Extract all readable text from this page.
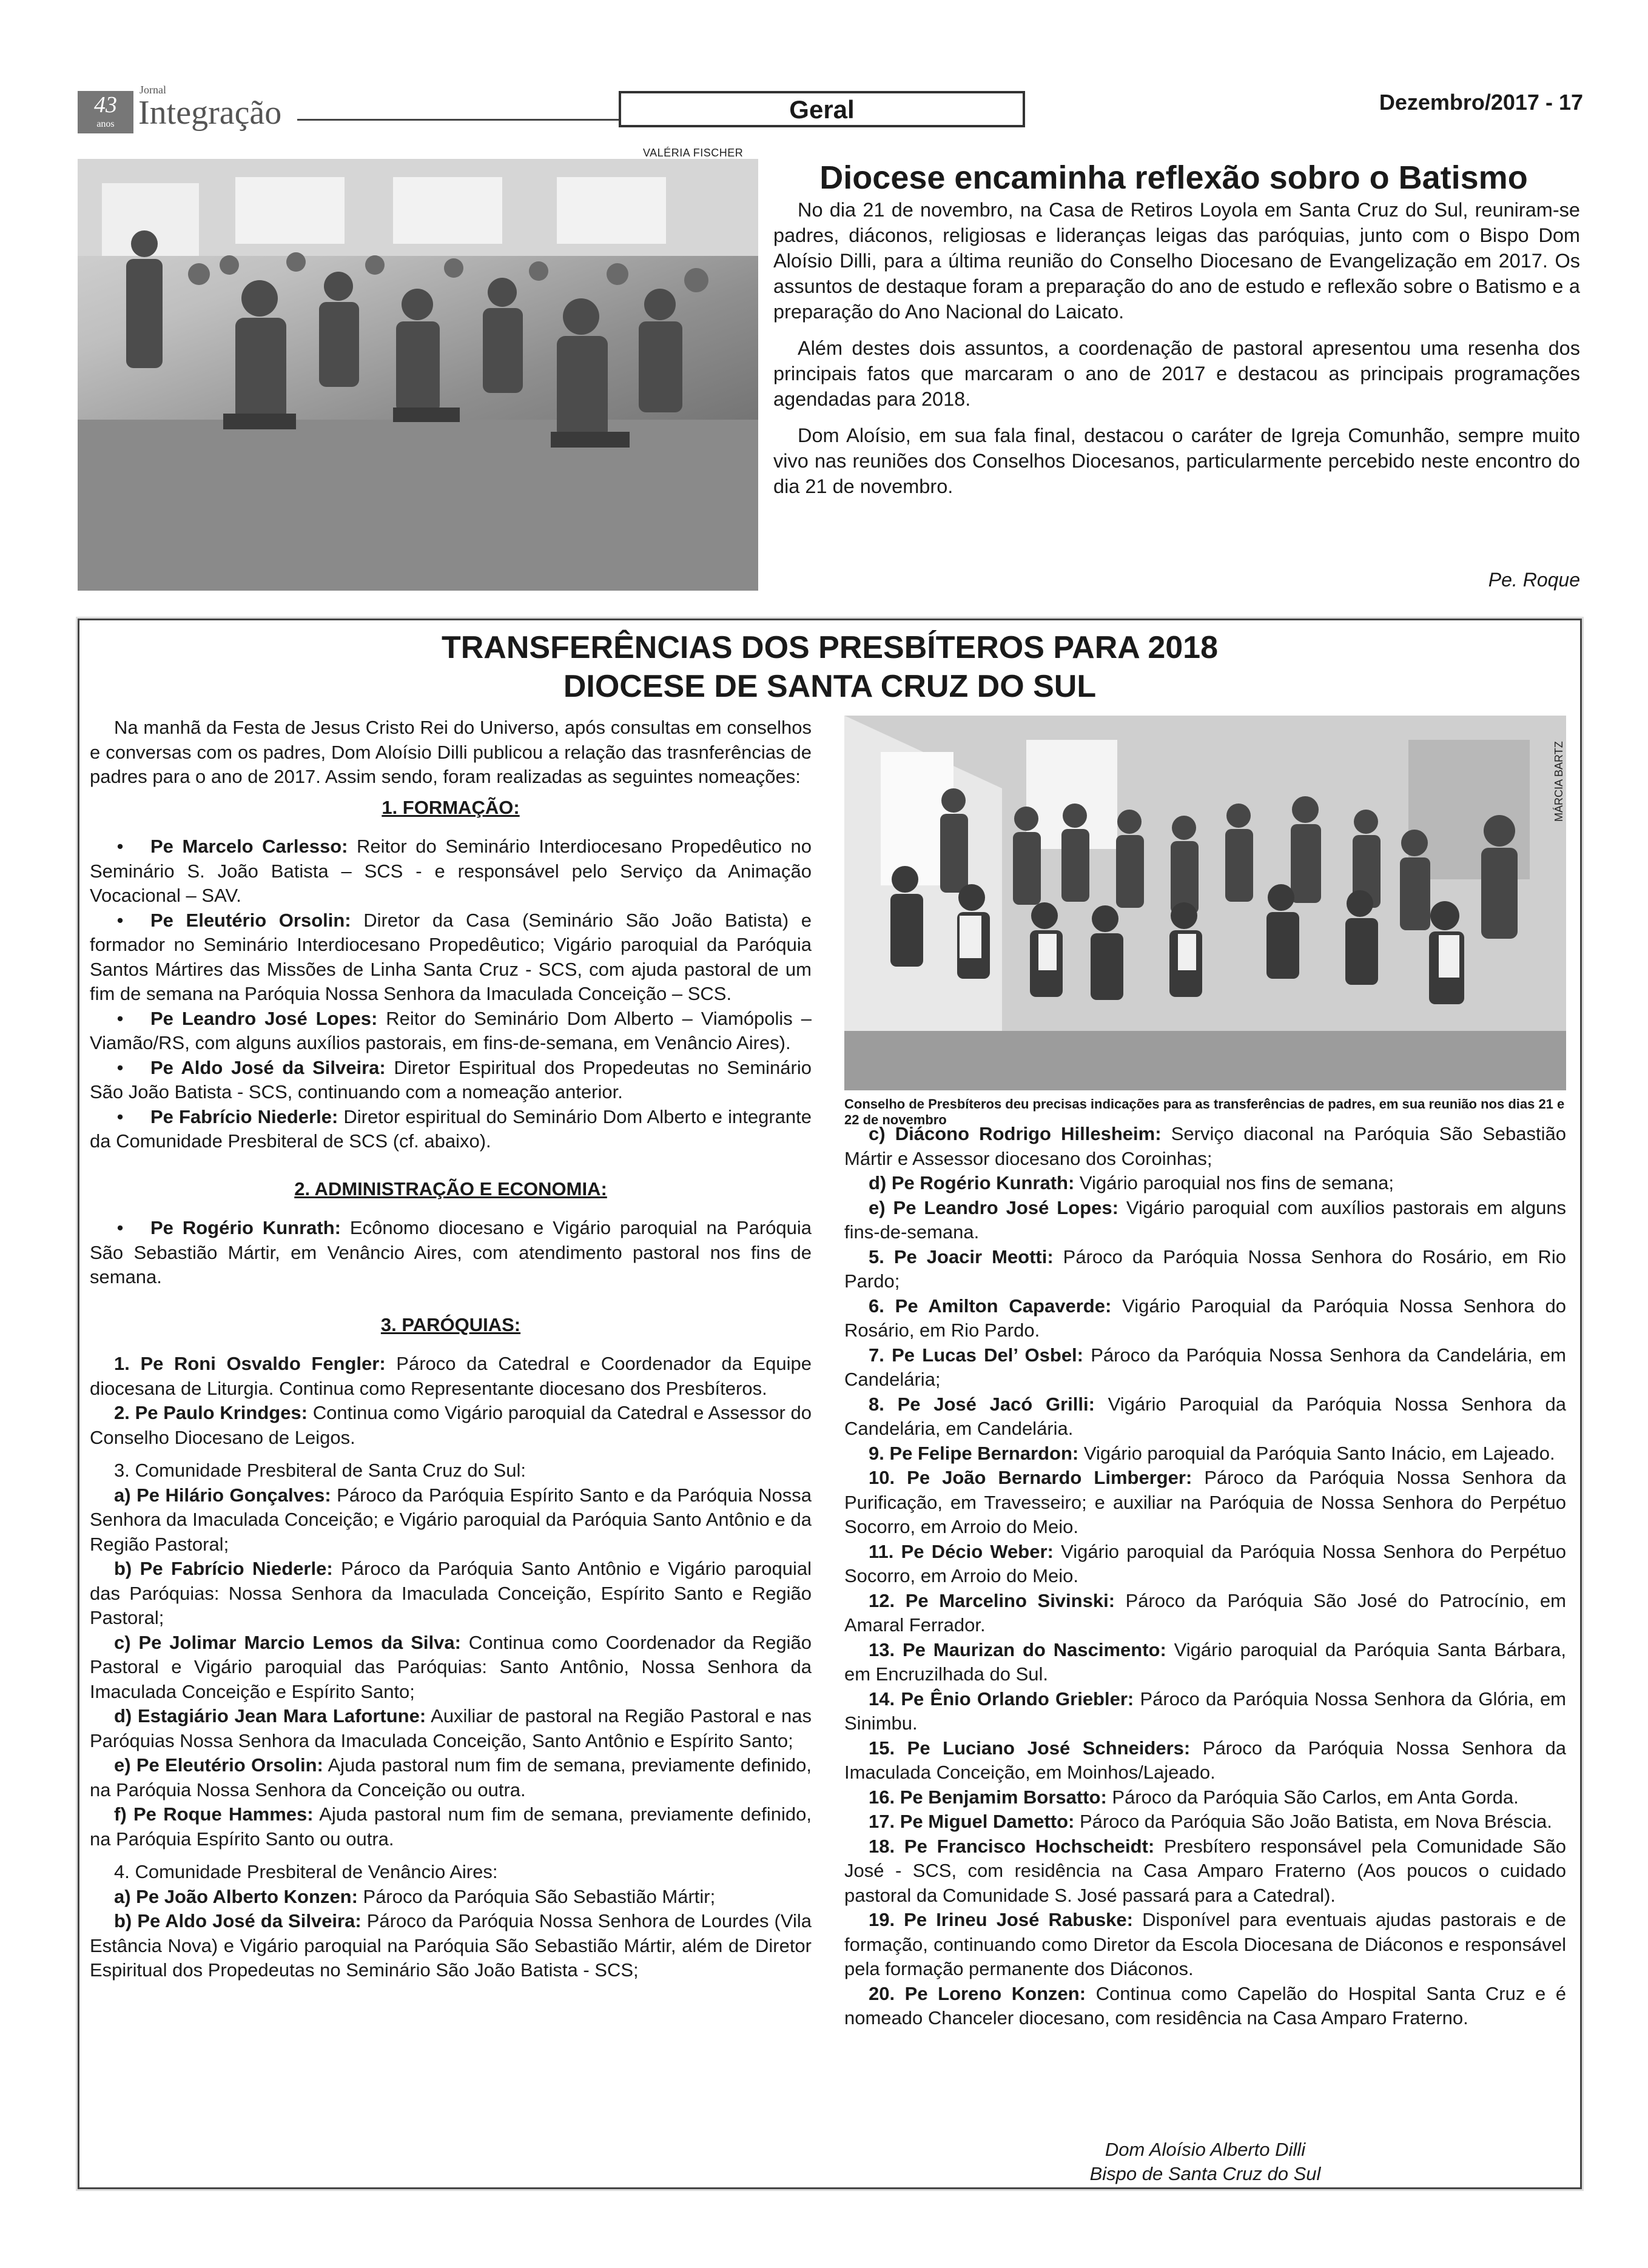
43
anos
Jornal
Integração	Geral	Dezembro/2017 - 17
VALÉRIA FISCHER
Diocese encaminha reflexão sobro o Batismo

No dia 21 de novembro, na Casa de Retiros Loyola em Santa Cruz do Sul, reuniram-se padres, diáconos, religiosas e lideranças leigas das paróquias, junto com o Bispo Dom Aloísio Dilli, para a última reunião do Conselho Diocesano de Evangelização em 2017. Os assuntos de destaque foram a preparação do ano de estudo e reflexão sobre o Batismo e a preparação do Ano Nacional do Laicato.

Além destes dois assuntos, a coordenação de pastoral apresentou uma resenha dos principais fatos que marcaram o ano de 2017 e destacou as principais programações agendadas para 2018.

Dom Aloísio, em sua fala final, destacou o caráter de Igreja Comunhão, sempre muito vivo nas reuniões dos Conselhos Diocesanos, particularmente percebido neste encontro do dia 21 de novembro.

Pe. Roque
TRANSFERÊNCIAS DOS PRESBÍTEROS PARA 2018
DIOCESE DE SANTA CRUZ DO SUL

Na manhã da Festa de Jesus Cristo Rei do Universo, após consultas em conselhos e conversas com os padres, Dom Aloísio Dilli publicou a relação das trasnferências de padres para o ano de 2017. Assim sendo, foram realizadas as seguintes nomeações:

1. FORMAÇÃO:

• Pe Marcelo Carlesso: Reitor do Seminário Interdiocesano Propedêutico no Seminário S. João Batista – SCS - e responsável pelo Serviço da Animação Vocacional – SAV.

• Pe Eleutério Orsolin: Diretor da Casa (Seminário São João Batista) e formador no Seminário Interdiocesano Propedêutico; Vigário paroquial da Paróquia Santos Mártires das Missões de Linha Santa Cruz - SCS, com ajuda pastoral de um fim de semana na Paróquia Nossa Senhora da Imaculada Conceição – SCS.

• Pe Leandro José Lopes: Reitor do Seminário Dom Alberto – Viamópolis – Viamão/RS, com alguns auxílios pastorais, em fins-de-semana, em Venâncio Aires).

• Pe Aldo José da Silveira: Diretor Espiritual dos Propedeutas no Seminário São João Batista - SCS, continuando com a nomeação anterior.

• Pe Fabrício Niederle: Diretor espiritual do Seminário Dom Alberto e integrante da Comunidade Presbiteral de SCS (cf. abaixo).

2. ADMINISTRAÇÃO E ECONOMIA:

• Pe Rogério Kunrath: Ecônomo diocesano e Vigário paroquial na Paróquia São Sebastião Mártir, em Venâncio Aires, com atendimento pastoral nos fins de semana.

3. PARÓQUIAS:

1. Pe Roni Osvaldo Fengler: Pároco da Catedral e Coordenador da Equipe diocesana de Liturgia. Continua como Representante diocesano dos Presbíteros.

2. Pe Paulo Krindges: Continua como Vigário paroquial da Catedral e Assessor do Conselho Diocesano de Leigos.

3. Comunidade Presbiteral de Santa Cruz do Sul:

a) Pe Hilário Gonçalves: Pároco da Paróquia Espírito Santo e da Paróquia Nossa Senhora da Imaculada Conceição; e Vigário paroquial da Paróquia Santo Antônio e da Região Pastoral;

b) Pe Fabrício Niederle: Pároco da Paróquia Santo Antônio e Vigário paroquial das Paróquias: Nossa Senhora da Imaculada Conceição, Espírito Santo e Região Pastoral;

c) Pe Jolimar Marcio Lemos da Silva: Continua como Coordenador da Região Pastoral e Vigário paroquial das Paróquias: Santo Antônio, Nossa Senhora da Imaculada Conceição e Espírito Santo;

d) Estagiário Jean Mara Lafortune: Auxiliar de pastoral na Região Pastoral e nas Paróquias Nossa Senhora da Imaculada Conceição, Santo Antônio e Espírito Santo;

e) Pe Eleutério Orsolin: Ajuda pastoral num fim de semana, previamente definido, na Paróquia Nossa Senhora da Conceição ou outra.

f) Pe Roque Hammes: Ajuda pastoral num fim de semana, previamente definido, na Paróquia Espírito Santo ou outra.

4. Comunidade Presbiteral de Venâncio Aires:

a) Pe João Alberto Konzen: Pároco da Paróquia São Sebastião Mártir;

b) Pe Aldo José da Silveira: Pároco da Paróquia Nossa Senhora de Lourdes (Vila Estância Nova) e Vigário paroquial na Paróquia São Sebastião Mártir, além de Diretor Espiritual dos Propedeutas no Seminário São João Batista - SCS;

MÁRCIA BARTZ
Conselho de Presbíteros deu precisas indicações para as transferências de padres, em sua reunião nos dias 21 e 22 de novembro

c) Diácono Rodrigo Hillesheim: Serviço diaconal na Paróquia São Sebastião Mártir e Assessor diocesano dos Coroinhas;

d) Pe Rogério Kunrath: Vigário paroquial nos fins de semana;

e) Pe Leandro José Lopes: Vigário paroquial com auxílios pastorais em alguns fins-de-semana.

5. Pe Joacir Meotti: Pároco da Paróquia Nossa Senhora do Rosário, em Rio Pardo;

6. Pe Amilton Capaverde: Vigário Paroquial da Paróquia Nossa Senhora do Rosário, em Rio Pardo.

7. Pe Lucas Del’ Osbel: Pároco da Paróquia Nossa Senhora da Candelária, em Candelária;

8. Pe José Jacó Grilli: Vigário Paroquial da Paróquia Nossa Senhora da Candelária, em Candelária.

9. Pe Felipe Bernardon: Vigário paroquial da Paróquia Santo Inácio, em Lajeado.

10. Pe João Bernardo Limberger: Pároco da Paróquia Nossa Senhora da Purificação, em Travesseiro; e auxiliar na Paróquia de Nossa Senhora do Perpétuo Socorro, em Arroio do Meio.

11. Pe Décio Weber: Vigário paroquial da Paróquia Nossa Senhora do Perpétuo Socorro, em Arroio do Meio.

12. Pe Marcelino Sivinski: Pároco da Paróquia São José do Patrocínio, em Amaral Ferrador.

13. Pe Maurizan do Nascimento: Vigário paroquial da Paróquia Santa Bárbara, em Encruzilhada do Sul.

14. Pe Ênio Orlando Griebler: Pároco da Paróquia Nossa Senhora da Glória, em Sinimbu.

15. Pe Luciano José Schneiders: Pároco da Paróquia Nossa Senhora da Imaculada Conceição, em Moinhos/Lajeado.

16. Pe Benjamim Borsatto: Pároco da Paróquia São Carlos, em Anta Gorda.

17. Pe Miguel Dametto: Pároco da Paróquia São João Batista, em Nova Bréscia.

18. Pe Francisco Hochscheidt: Presbítero responsável pela Comunidade São José - SCS, com residência na Casa Amparo Fraterno (Aos poucos o cuidado pastoral da Comunidade S. José passará para a Catedral).

19. Pe Irineu José Rabuske: Disponível para eventuais ajudas pastorais e de formação, continuando como Diretor da Escola Diocesana de Diáconos e responsável pela formação permanente dos Diáconos.

20. Pe Loreno Konzen: Continua como Capelão do Hospital Santa Cruz e é nomeado Chanceler diocesano, com residência na Casa Amparo Fraterno.

Dom Aloísio Alberto Dilli
Bispo de Santa Cruz do Sul
